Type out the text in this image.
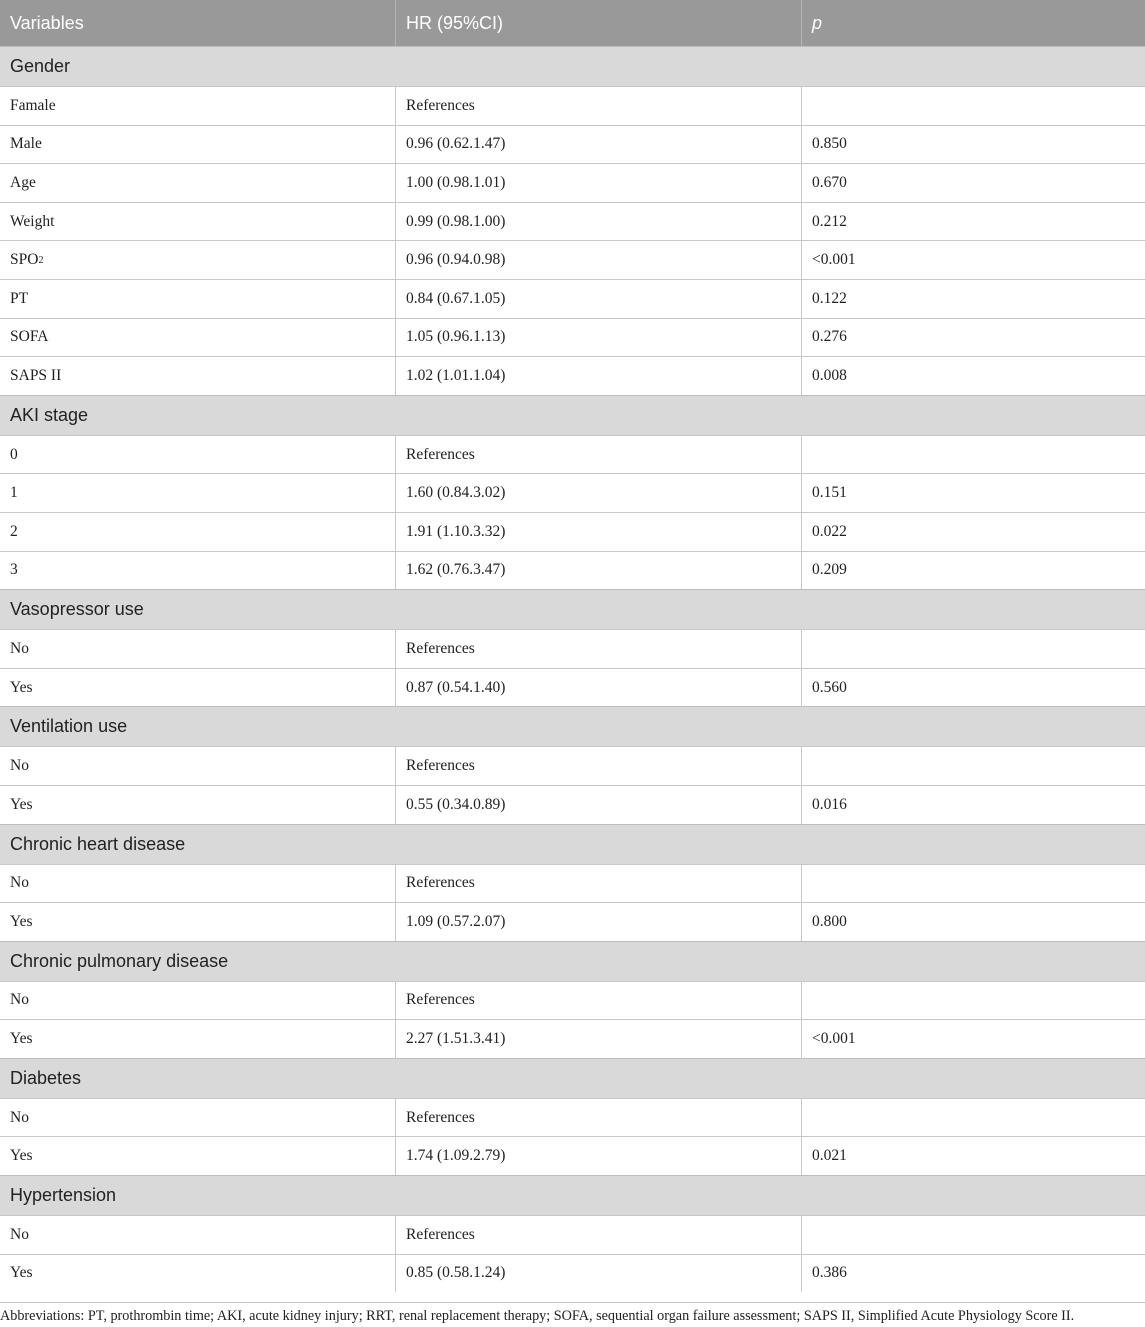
Variables	HR (95%CI)	p
Gender
Famale	References
Male	0.96 (0.62.1.47)	0.850
Age	1.00 (0.98.1.01)	0.670
Weight	0.99 (0.98.1.00)	0.212
SPO 2	0.96 (0.94.0.98)	<0.001
PT	0.84 (0.67.1.05)	0.122
SOFA	1.05 (0.96.1.13)	0.276
SAPS II	1.02 (1.01.1.04)	0.008
AKI stage
0	References
1	1.60 (0.84.3.02)	0.151
2	1.91 (1.10.3.32)	0.022
3	1.62 (0.76.3.47)	0.209
Vasopressor use
No	References
Yes	0.87 (0.54.1.40)	0.560
Ventilation use
No	References
Yes	0.55 (0.34.0.89)	0.016
Chronic heart disease
No	References
Yes	1.09 (0.57.2.07)	0.800
Chronic pulmonary disease
No	References
Yes	2.27 (1.51.3.41)	<0.001
Diabetes
No	References
Yes	1.74 (1.09.2.79)	0.021
Hypertension
No	References
Yes	0.85 (0.58.1.24)	0.386
Abbreviations: PT, prothrombin time; AKI, acute kidney injury; RRT, renal replacement therapy; SOFA, sequential organ failure assessment; SAPS II, Simplified Acute Physiology Score II.
